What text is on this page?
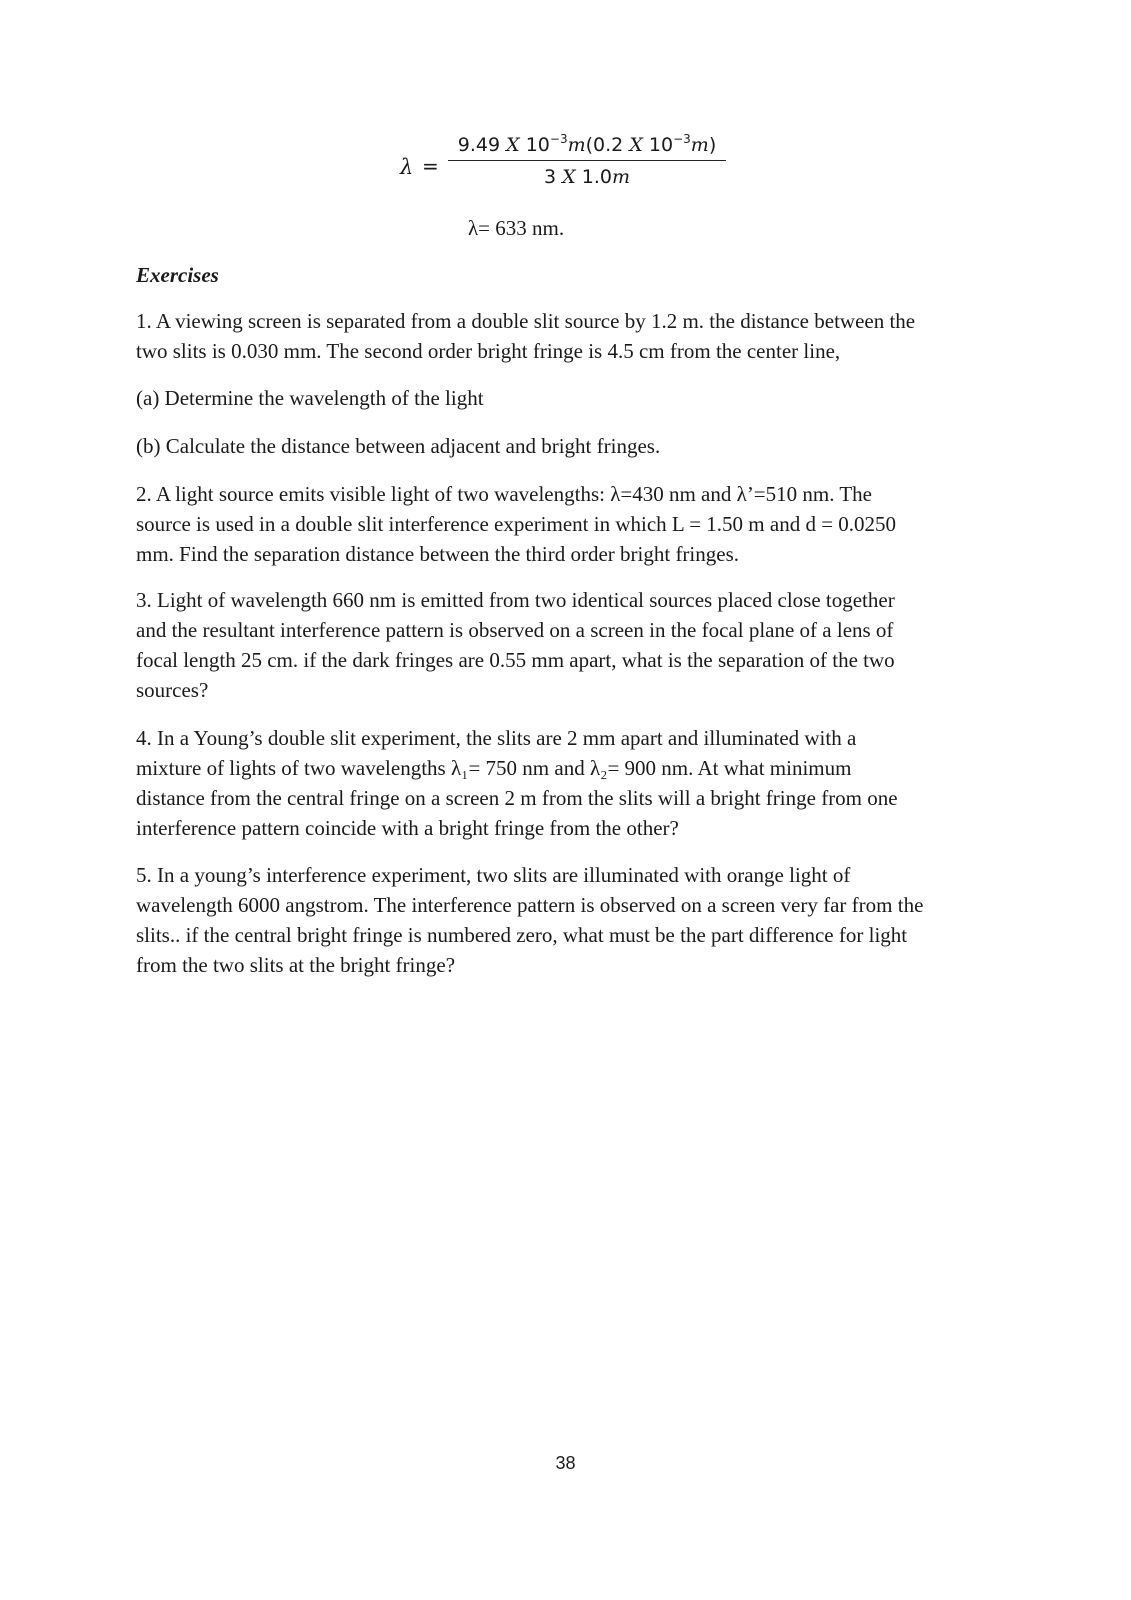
λ =
9.49 X $10^{-3}m(0.2$ X $10^{-3}m$)
3 X 1.0m
λ= 633 nm.
Exercises

1. A viewing screen is separated from a double slit source by 1.2 m. the distance between the
two slits is 0.030 mm. The second order bright fringe is 4.5 cm from the center line,

(a) Determine the wavelength of the light

(b) Calculate the distance between adjacent and bright fringes.

2. A light source emits visible light of two wavelengths: λ=430 nm and λ’=510 nm. The
source is used in a double slit interference experiment in which L = 1.50 m and d = 0.0250
mm. Find the separation distance between the third order bright fringes.

3. Light of wavelength 660 nm is emitted from two identical sources placed close together
and the resultant interference pattern is observed on a screen in the focal plane of a lens of
focal length 25 cm. if the dark fringes are 0.55 mm apart, what is the separation of the two
sources?

4. In a Young’s double slit experiment, the slits are 2 mm apart and illuminated with a
mixture of lights of two wavelengths λ₁= 750 nm and λ₂= 900 nm. At what minimum
distance from the central fringe on a screen 2 m from the slits will a bright fringe from one
interference pattern coincide with a bright fringe from the other?

5. In a young’s interference experiment, two slits are illuminated with orange light of
wavelength 6000 angstrom. The interference pattern is observed on a screen very far from the
slits.. if the central bright fringe is numbered zero, what must be the part difference for light
from the two slits at the bright fringe?

38
